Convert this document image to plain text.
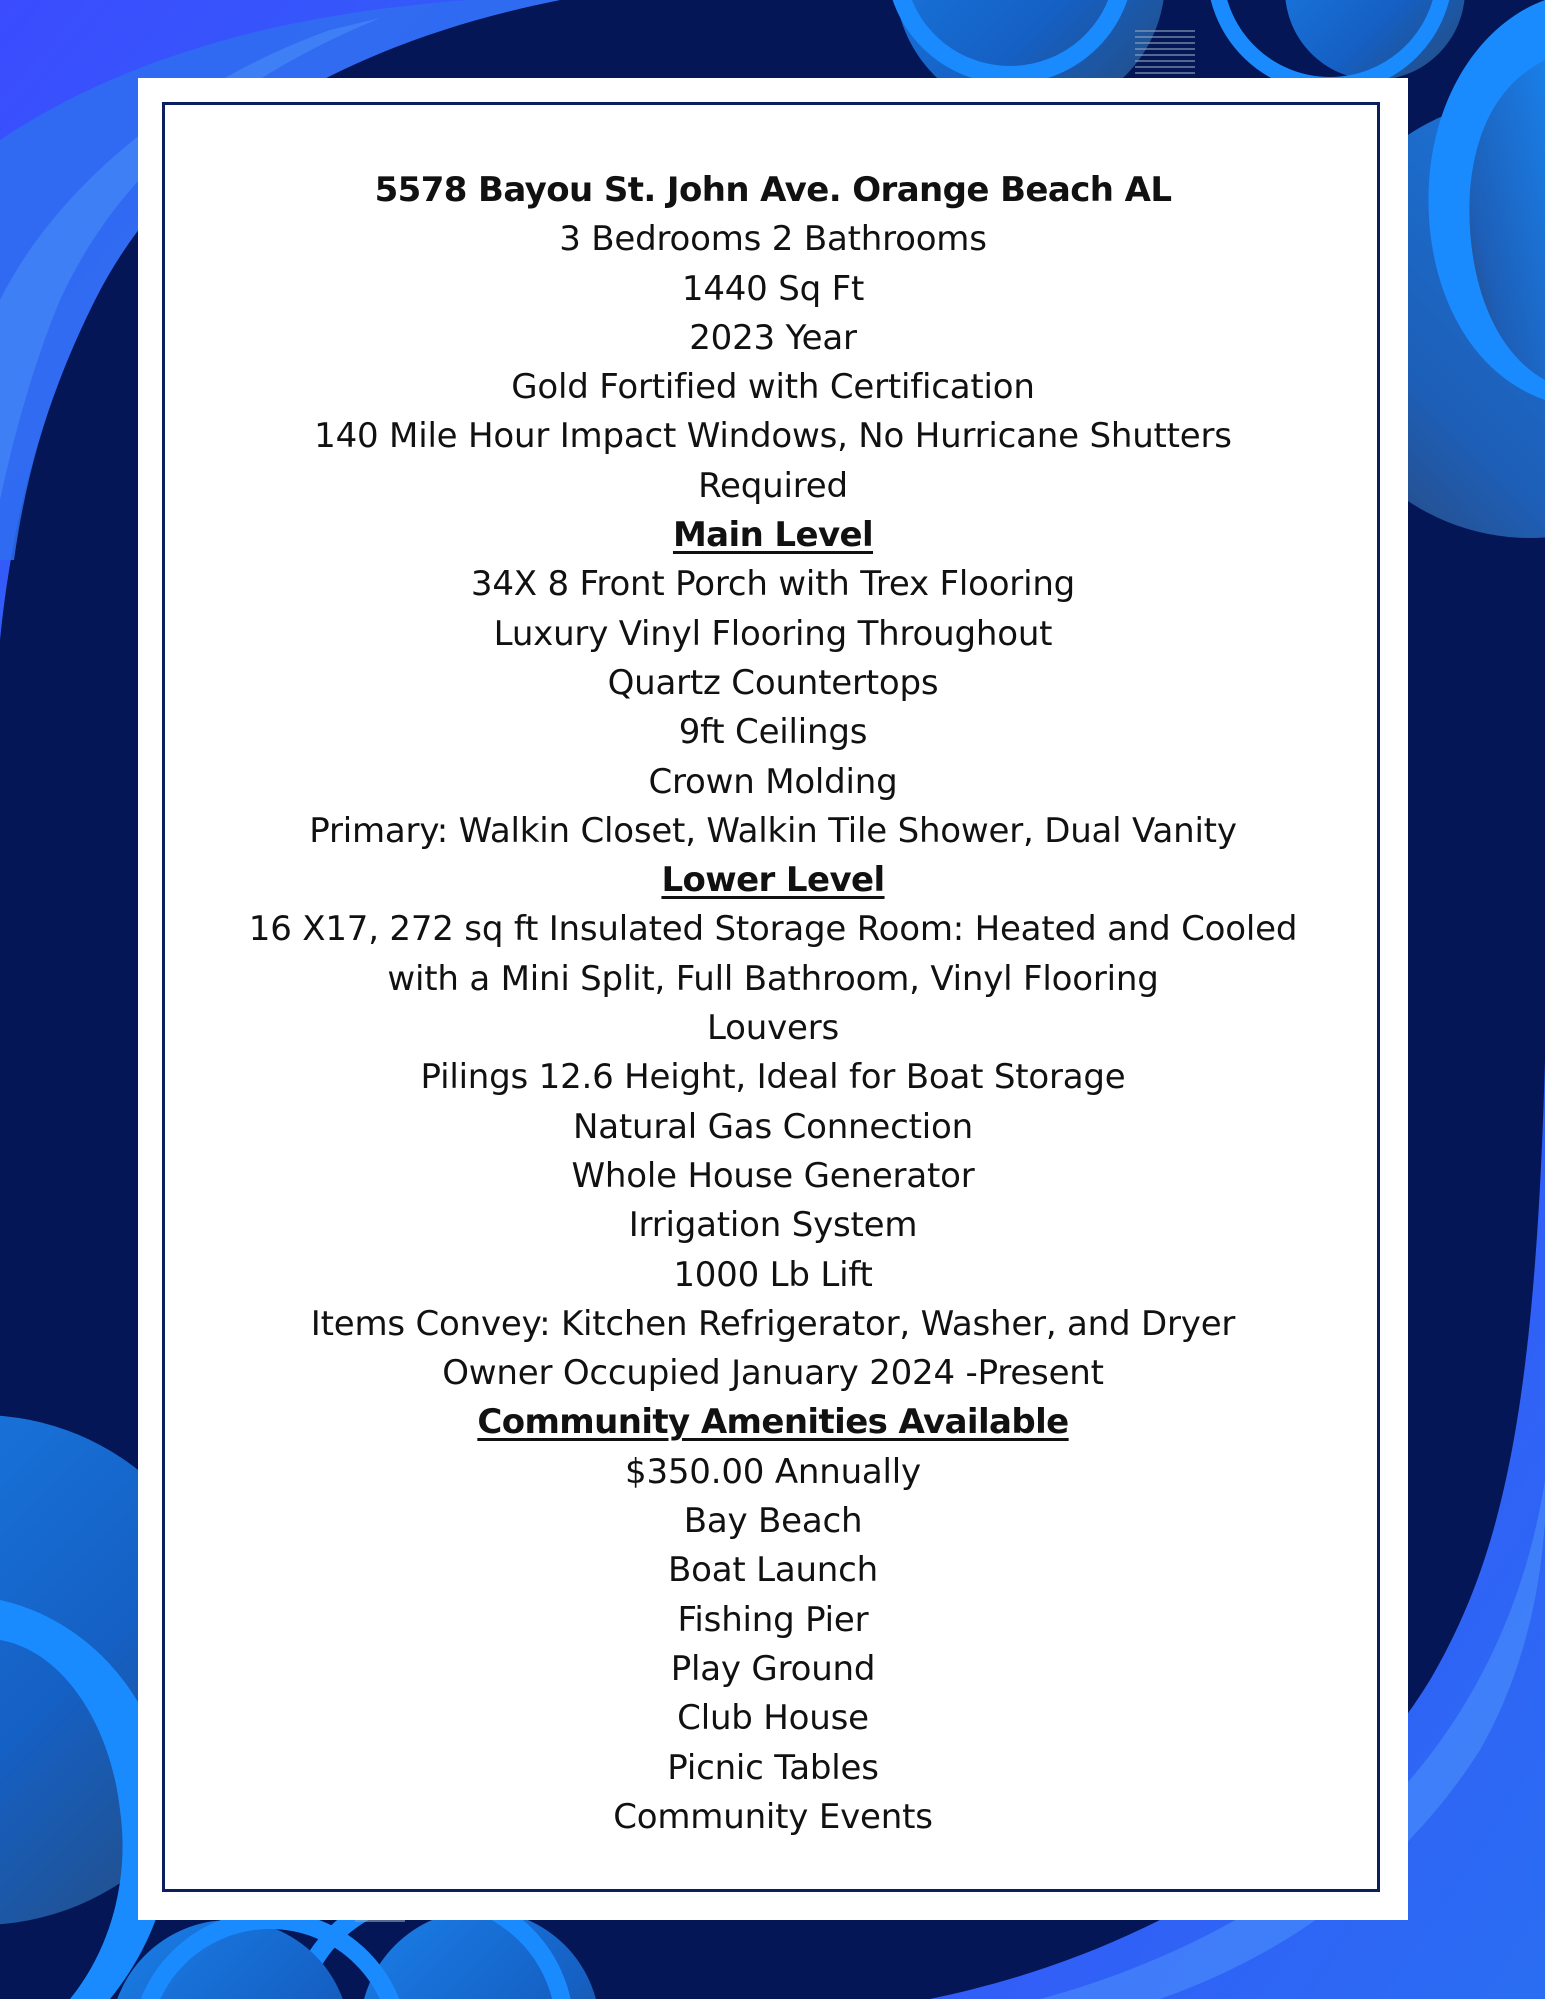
5578 Bayou St. John Ave. Orange Beach AL
3 Bedrooms 2 Bathrooms
1440 Sq Ft
2023 Year
Gold Fortified with Certification
140 Mile Hour Impact Windows, No Hurricane Shutters
Required
Main Level
34X 8 Front Porch with Trex Flooring
Luxury Vinyl Flooring Throughout
Quartz Countertops
9ft Ceilings
Crown Molding
Primary: Walkin Closet, Walkin Tile Shower, Dual Vanity
Lower Level
16 X17, 272 sq ft Insulated Storage Room: Heated and Cooled
with a Mini Split, Full Bathroom, Vinyl Flooring
Louvers
Pilings 12.6 Height, Ideal for Boat Storage
Natural Gas Connection
Whole House Generator
Irrigation System
1000 Lb Lift
Items Convey: Kitchen Refrigerator, Washer, and Dryer
Owner Occupied January 2024 -Present
Community Amenities Available
$350.00 Annually
Bay Beach
Boat Launch
Fishing Pier
Play Ground
Club House
Picnic Tables
Community Events
